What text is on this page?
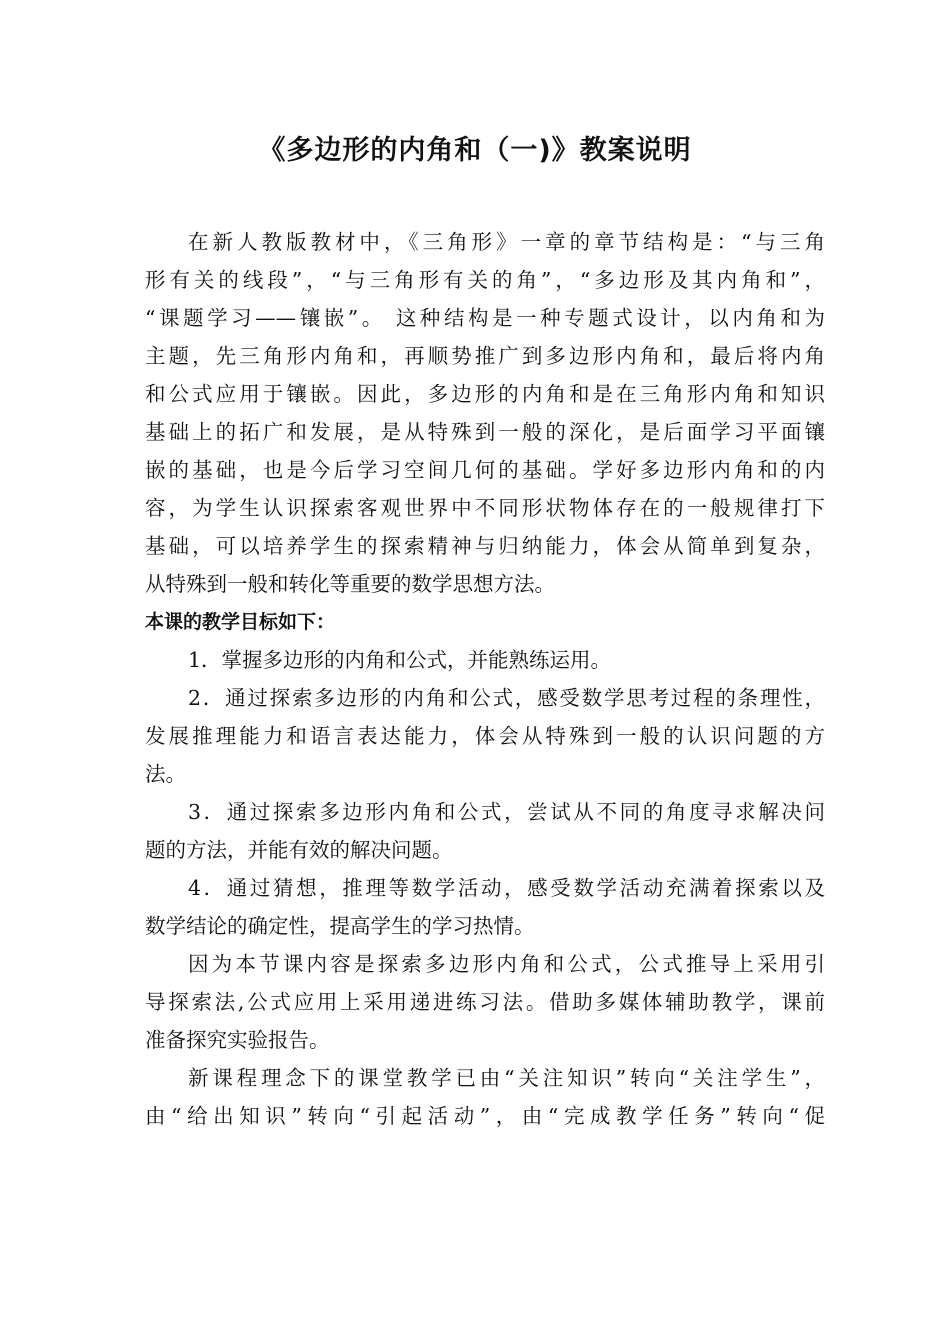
《多边形的内角和（一)》教案说明
在新人教版教材中，《三角形》一章的章节结构是：“与三角
形有关的线段”，“与三角形有关的角”，“多边形及其内角和”，
“课题学习——镶嵌”。 这种结构是一种专题式设计，以内角和为
主题，先三角形内角和，再顺势推广到多边形内角和，最后将内角
和公式应用于镶嵌。因此，多边形的内角和是在三角形内角和知识
基础上的拓广和发展，是从特殊到一般的深化，是后面学习平面镶
嵌的基础，也是今后学习空间几何的基础。学好多边形内角和的内
容，为学生认识探索客观世界中不同形状物体存在的一般规律打下
基础，可以培养学生的探索精神与归纳能力，体会从简单到复杂，
从特殊到一般和转化等重要的数学思想方法。
本课的教学目标如下：
1．掌握多边形的内角和公式，并能熟练运用。
2．通过探索多边形的内角和公式，感受数学思考过程的条理性，
发展推理能力和语言表达能力，体会从特殊到一般的认识问题的方
法。
3．通过探索多边形内角和公式，尝试从不同的角度寻求解决问
题的方法，并能有效的解决问题。
4．通过猜想，推理等数学活动，感受数学活动充满着探索以及
数学结论的确定性，提高学生的学习热情。
因为本节课内容是探索多边形内角和公式，公式推导上采用引
导探索法,公式应用上采用递进练习法。借助多媒体辅助教学，课前
准备探究实验报告。
新课程理念下的课堂教学已由“关注知识”转向“关注学生”，
由“给出知识”转向“引起活动”，由“完成教学任务”转向“促
